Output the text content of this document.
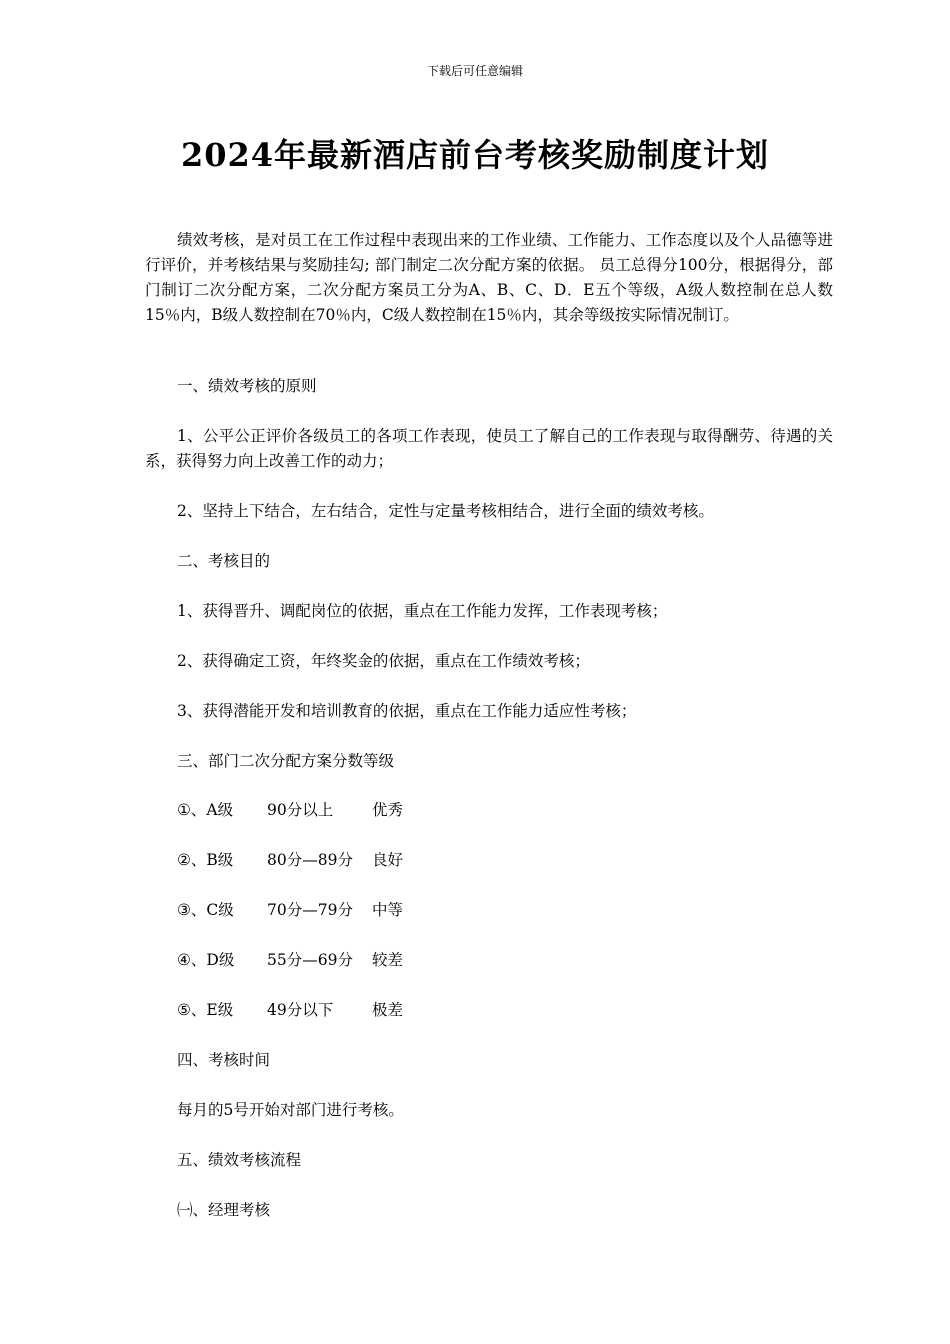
下载后可任意编辑
2024年最新酒店前台考核奖励制度计划

绩效考核，是对员工在工作过程中表现出来的工作业绩、工作能力、工作态度以及个人品德等进行评价，并考核结果与奖励挂勾; 部门制定二次分配方案的依据。 员工总得分100分，根据得分，部门制订二次分配方案，二次分配方案员工分为A、B、C、D．E五个等级，A级人数控制在总人数15％内，B级人数控制在70％内，C级人数控制在15％内，其余等级按实际情况制订。

一、绩效考核的原则

1、公平公正评价各级员工的各项工作表现，使员工了解自己的工作表现与取得酬劳、待遇的关系，获得努力向上改善工作的动力；

2、坚持上下结合，左右结合，定性与定量考核相结合，进行全面的绩效考核。

二、考核目的

1、获得晋升、调配岗位的依据，重点在工作能力发挥，工作表现考核；

2、获得确定工资，年终奖金的依据，重点在工作绩效考核；

3、获得潜能开发和培训教育的依据，重点在工作能力适应性考核；

三、部门二次分配方案分数等级

①、A级 90分以上	优秀
②、B级 80分—89分 良好
③、C级 70分—79分 中等
④、D级 55分—69分 较差
⑤、E级 49分以下	极差

四、考核时间

每月的5号开始对部门进行考核。

五、绩效考核流程

㈠、经理考核
